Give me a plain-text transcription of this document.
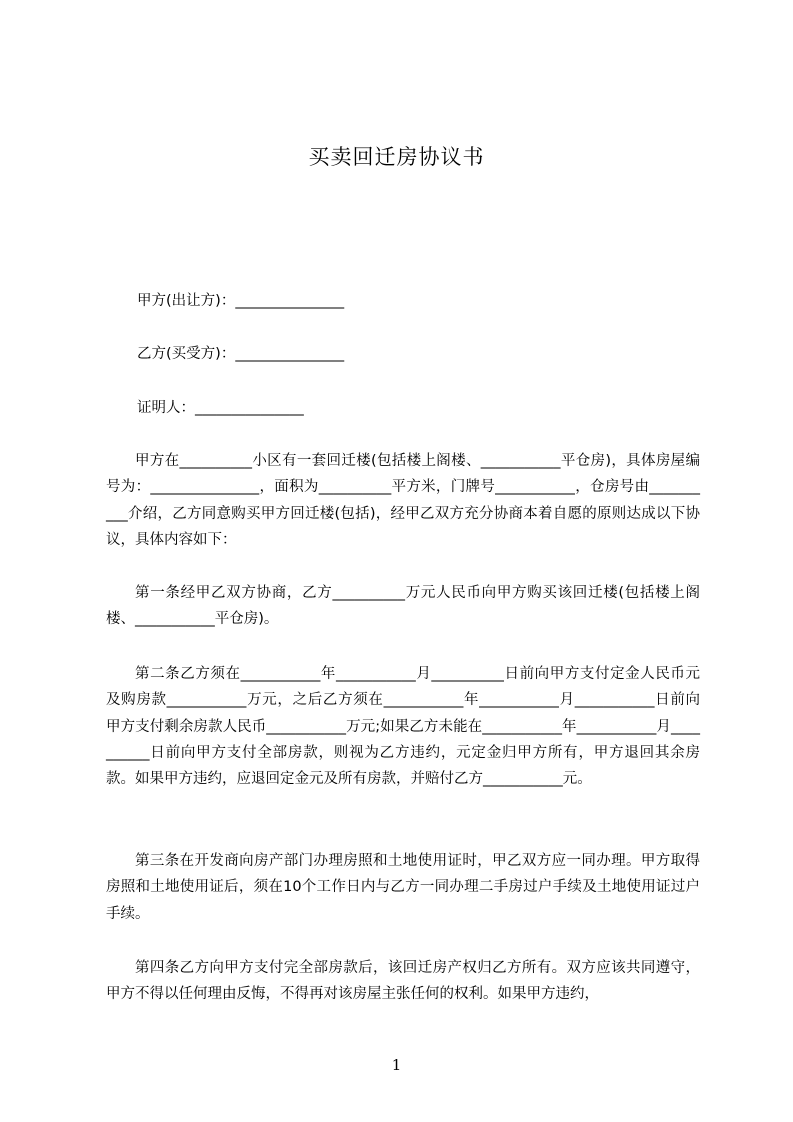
买卖回迁房协议书
甲方(出让方)：_______________
乙方(买受方)：_______________
证明人：_______________

甲方在__________小区有一套回迁楼(包括楼上阁楼、___________平仓房)，具体房屋编号为：_______________，面积为__________平方米，门牌号___________，仓房号由__________介绍，乙方同意购买甲方回迁楼(包括)，经甲乙双方充分协商本着自愿的原则达成以下协议，具体内容如下：

第一条经甲乙双方协商，乙方__________万元人民币向甲方购买该回迁楼(包括楼上阁楼、___________平仓房)。

第二条乙方须在___________年___________月__________日前向甲方支付定金人民币元及购房款___________万元，之后乙方须在___________年___________月___________日前向甲方支付剩余房款人民币___________万元;如果乙方未能在___________年___________月__________日前向甲方支付全部房款，则视为乙方违约，元定金归甲方所有，甲方退回其余房款。如果甲方违约，应退回定金元及所有房款，并赔付乙方___________元。

第三条在开发商向房产部门办理房照和土地使用证时，甲乙双方应一同办理。甲方取得房照和土地使用证后，须在10个工作日内与乙方一同办理二手房过户手续及土地使用证过户手续。

第四条乙方向甲方支付完全部房款后，该回迁房产权归乙方所有。双方应该共同遵守，甲方不得以任何理由反悔，不得再对该房屋主张任何的权利。如果甲方违约，

1
